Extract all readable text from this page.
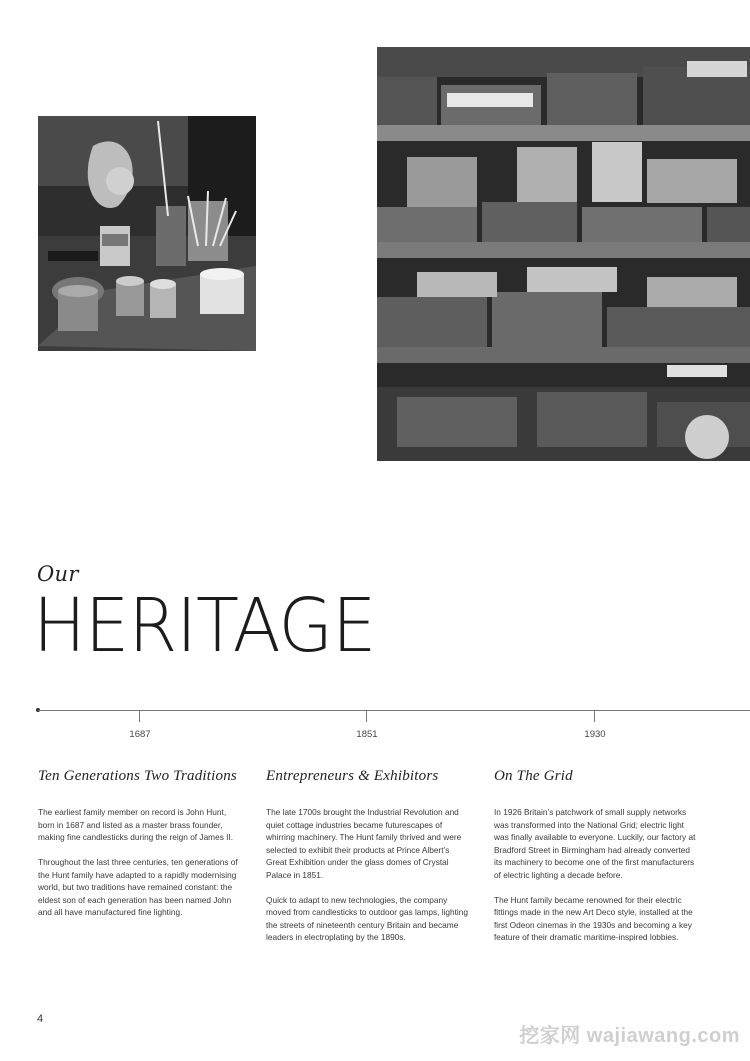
Our
HERITAGE
1687	1851	1930
Ten Generations Two Traditions

The earliest family member on record is John Hunt, born in 1687 and listed as a master brass founder, making fine candlesticks during the reign of James II.

Throughout the last three centuries, ten generations of the Hunt family have adapted to a rapidly modernising world, but two traditions have remained constant: the eldest son of each generation has been named John and all have manufactured fine lighting.

Entrepreneurs & Exhibitors

The late 1700s brought the Industrial Revolution and quiet cottage industries became futurescapes of whirring machinery. The Hunt family thrived and were selected to exhibit their products at Prince Albert’s Great Exhibition under the glass domes of Crystal Palace in 1851.

Quick to adapt to new technologies, the company moved from candlesticks to outdoor gas lamps, lighting the streets of nineteenth century Britain and became leaders in electroplating by the 1890s.

On The Grid

In 1926 Britain’s patchwork of small supply networks was transformed into the National Grid; electric light was finally available to everyone. Luckily, our factory at Bradford Street in Birmingham had already converted its machinery to become one of the first manufacturers of electric lighting a decade before.

The Hunt family became renowned for their electric fittings made in the new Art Deco style, installed at the first Odeon cinemas in the 1930s and becoming a key feature of their dramatic maritime-inspired lobbies.

4
挖家网 wajiawang.com
